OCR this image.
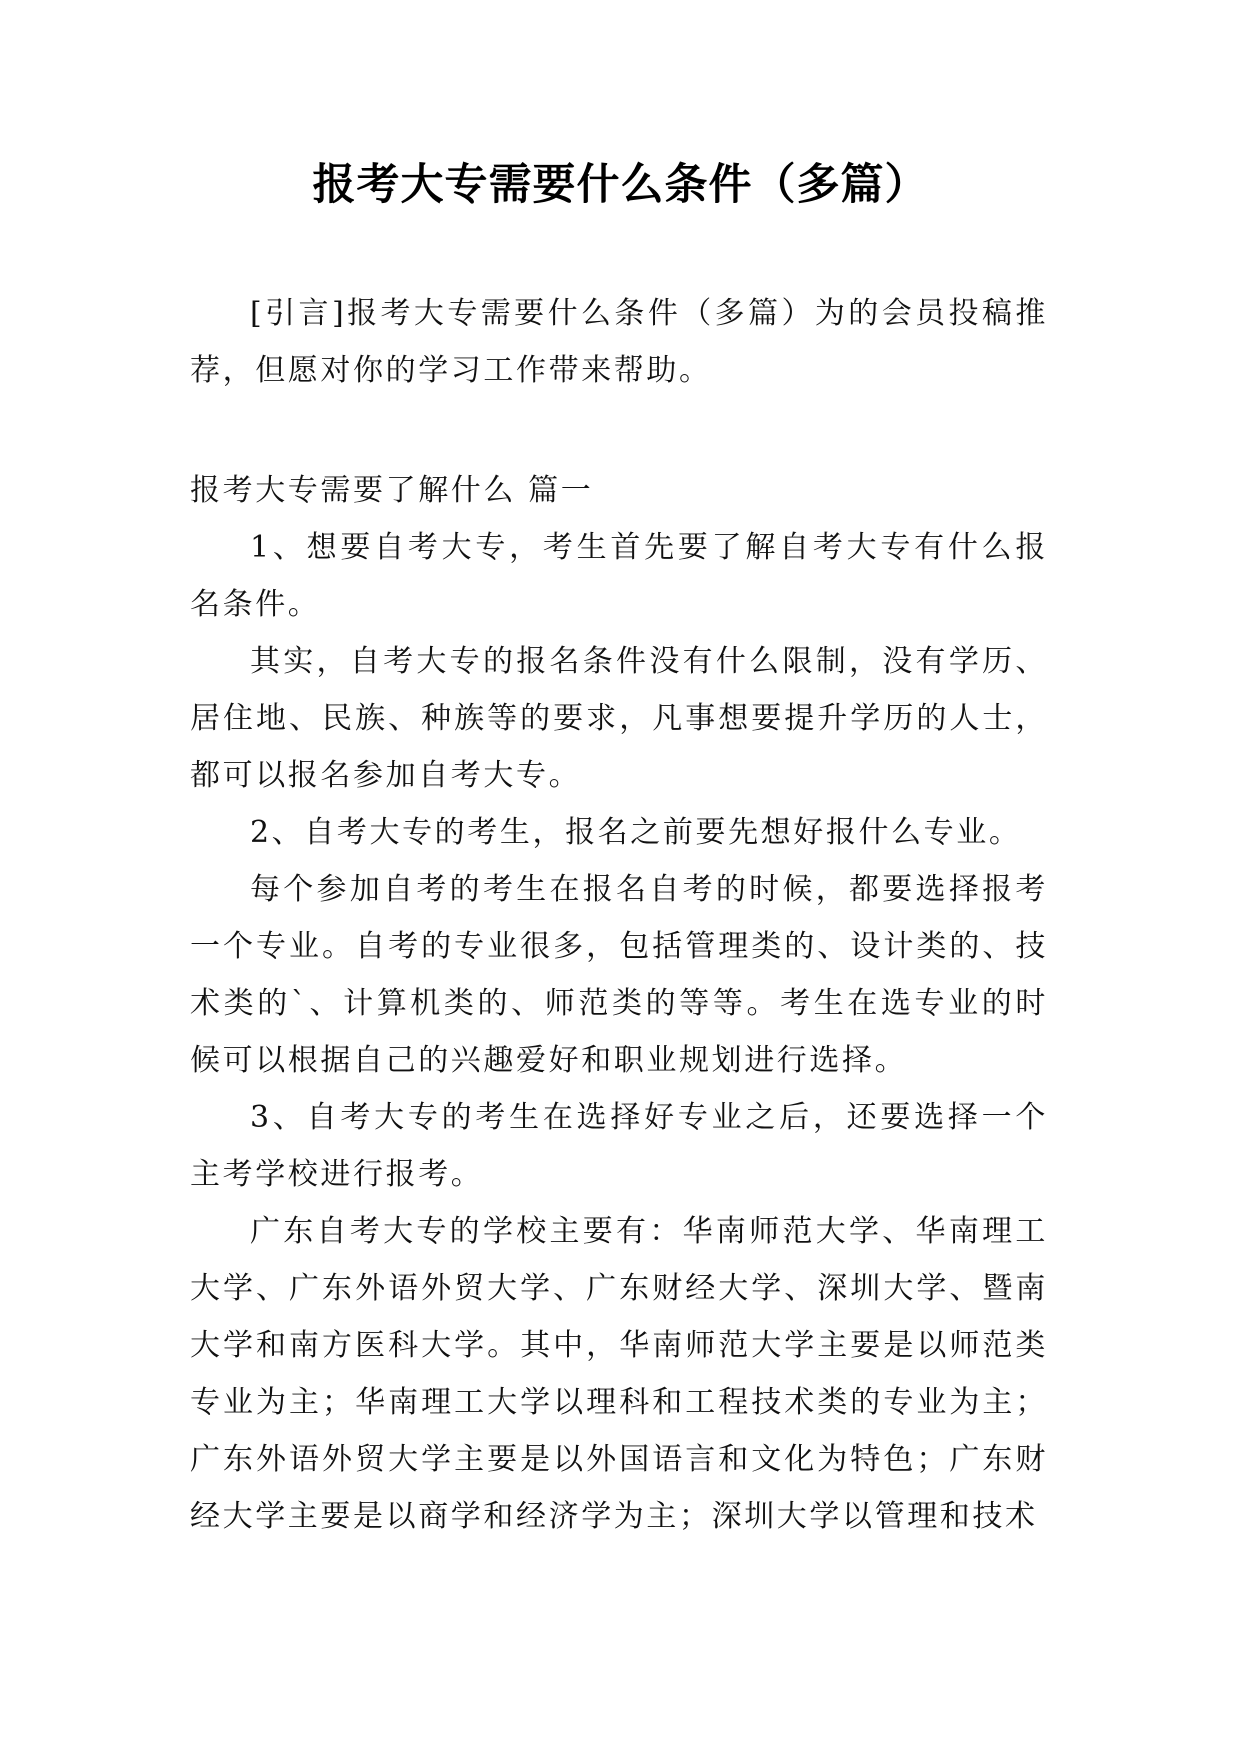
报考大专需要什么条件（多篇）

[引言]报考大专需要什么条件（多篇）为的会员投稿推荐，但愿对你的学习工作带来帮助。

报考大专需要了解什么 篇一

1、想要自考大专，考生首先要了解自考大专有什么报名条件。

其实，自考大专的报名条件没有什么限制，没有学历、居住地、民族、种族等的要求，凡事想要提升学历的人士，都可以报名参加自考大专。

2、自考大专的考生，报名之前要先想好报什么专业。

每个参加自考的考生在报名自考的时候，都要选择报考一个专业。自考的专业很多，包括管理类的、设计类的、技术类的`、计算机类的、师范类的等等。考生在选专业的时候可以根据自己的兴趣爱好和职业规划进行选择。

3、自考大专的考生在选择好专业之后，还要选择一个主考学校进行报考。

广东自考大专的学校主要有：华南师范大学、华南理工大学、广东外语外贸大学、广东财经大学、深圳大学、暨南大学和南方医科大学。其中，华南师范大学主要是以师范类专业为主；华南理工大学以理科和工程技术类的专业为主；广东外语外贸大学主要是以外国语言和文化为特色；广东财经大学主要是以商学和经济学为主；深圳大学以管理和技术
